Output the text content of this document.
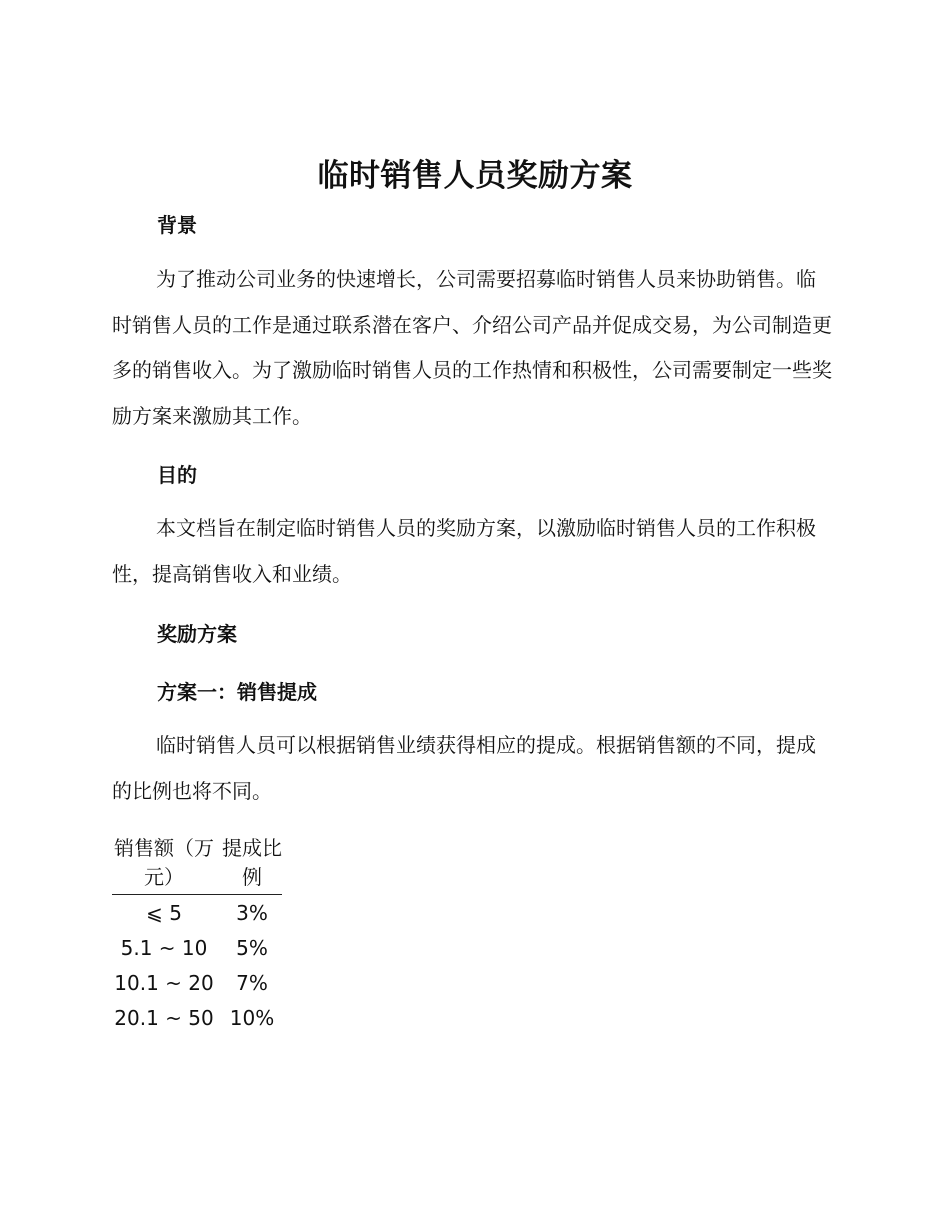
临时销售人员奖励方案
背景

为了推动公司业务的快速增长，公司需要招募临时销售人员来协助销售。临时销售人员的工作是通过联系潜在客户、介绍公司产品并促成交易，为公司制造更多的销售收入。为了激励临时销售人员的工作热情和积极性，公司需要制定一些奖励方案来激励其工作。

目的

本文档旨在制定临时销售人员的奖励方案，以激励临时销售人员的工作积极性，提高销售收入和业绩。

奖励方案
方案一：销售提成

临时销售人员可以根据销售业绩获得相应的提成。根据销售额的不同，提成的比例也将不同。

销售额（万元）	提成比例
⩽ 5	3%
5.1 ~ 10	5%
10.1 ~ 20	7%
20.1 ~ 50	10%
